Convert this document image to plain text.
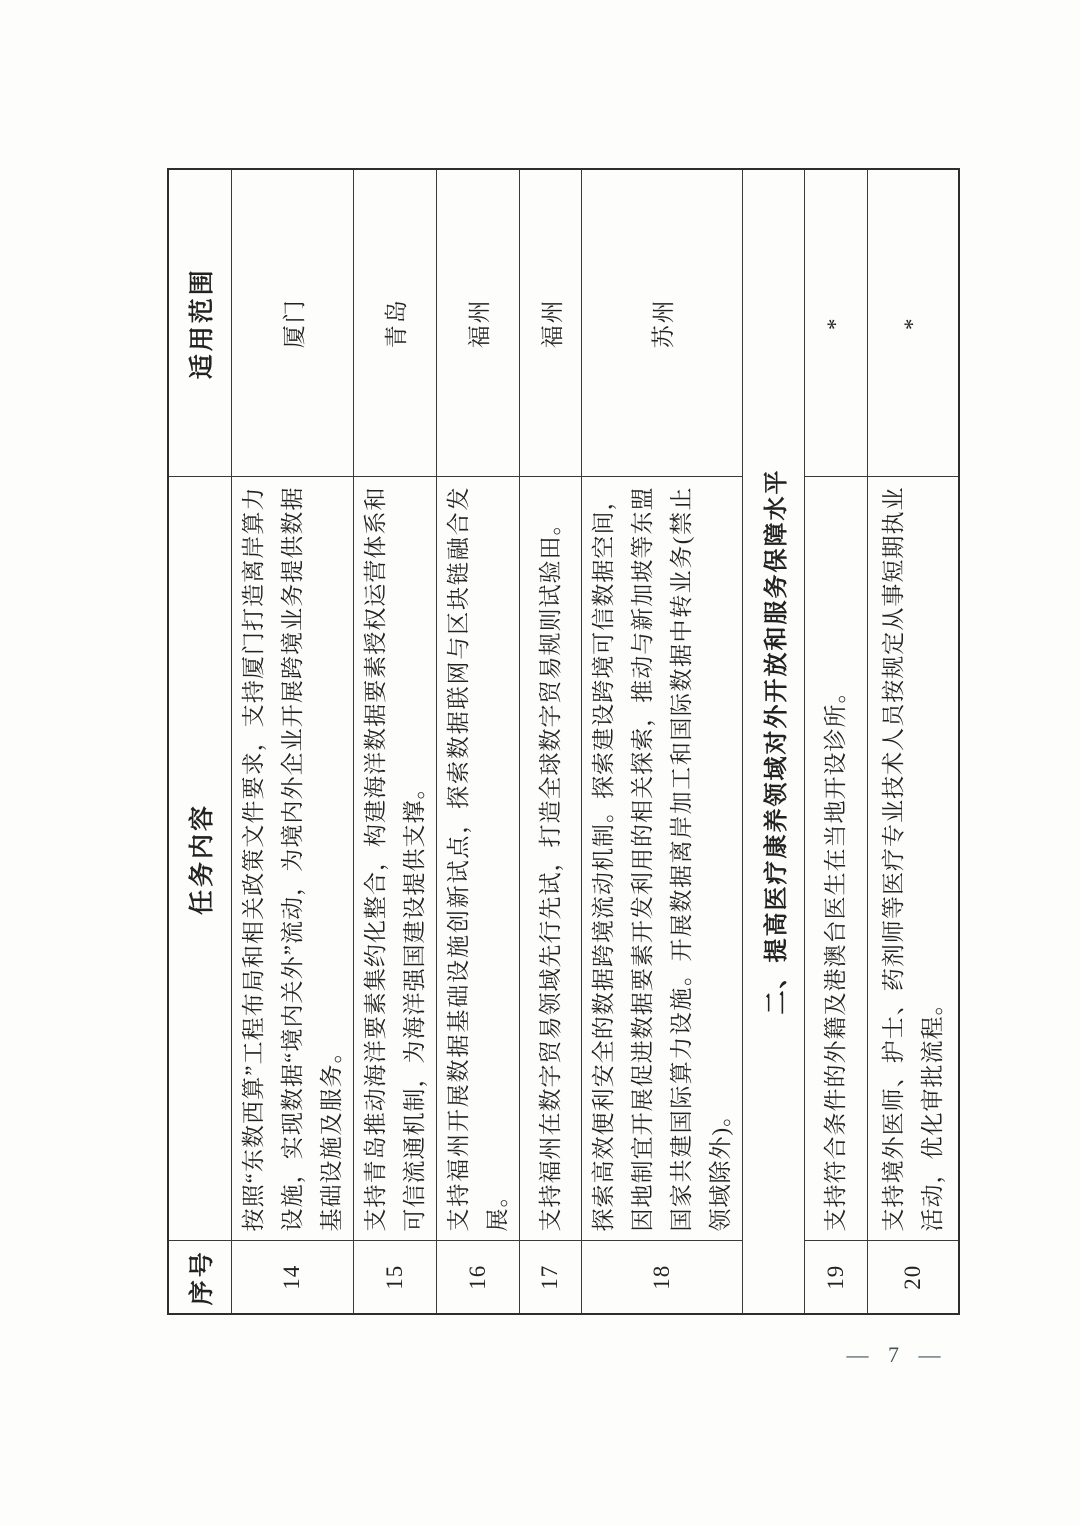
序号	任务内容	适用范围
14	按照“东数西算”工程布局和相关政策文件要求，支持厦门打造离岸算力设施，实现数据“境内关外”流动，为境内外企业开展跨境业务提供数据基础设施及服务。	厦门
15	支持青岛推动海洋要素集约化整合，构建海洋数据要素授权运营体系和可信流通机制，为海洋强国建设提供支撑。	青岛
16	支持福州开展数据基础设施创新试点，探索数据联网与区块链融合发展。	福州
17	支持福州在数字贸易领域先行先试，打造全球数字贸易规则试验田。	福州
18	探索高效便利安全的数据跨境流动机制。探索建设跨境可信数据空间，因地制宜开展促进数据要素开发利用的相关探索，推动与新加坡等东盟国家共建国际算力设施。开展数据离岸加工和国际数据中转业务(禁止领域除外)。	苏州
二、提高医疗康养领域对外开放和服务保障水平		
19	支持符合条件的外籍及港澳台医生在当地开设诊所。	*
20	支持境外医师、护士、药剂师等医疗专业技术人员按规定从事短期执业活动，优化审批流程。	*
— 7 —
